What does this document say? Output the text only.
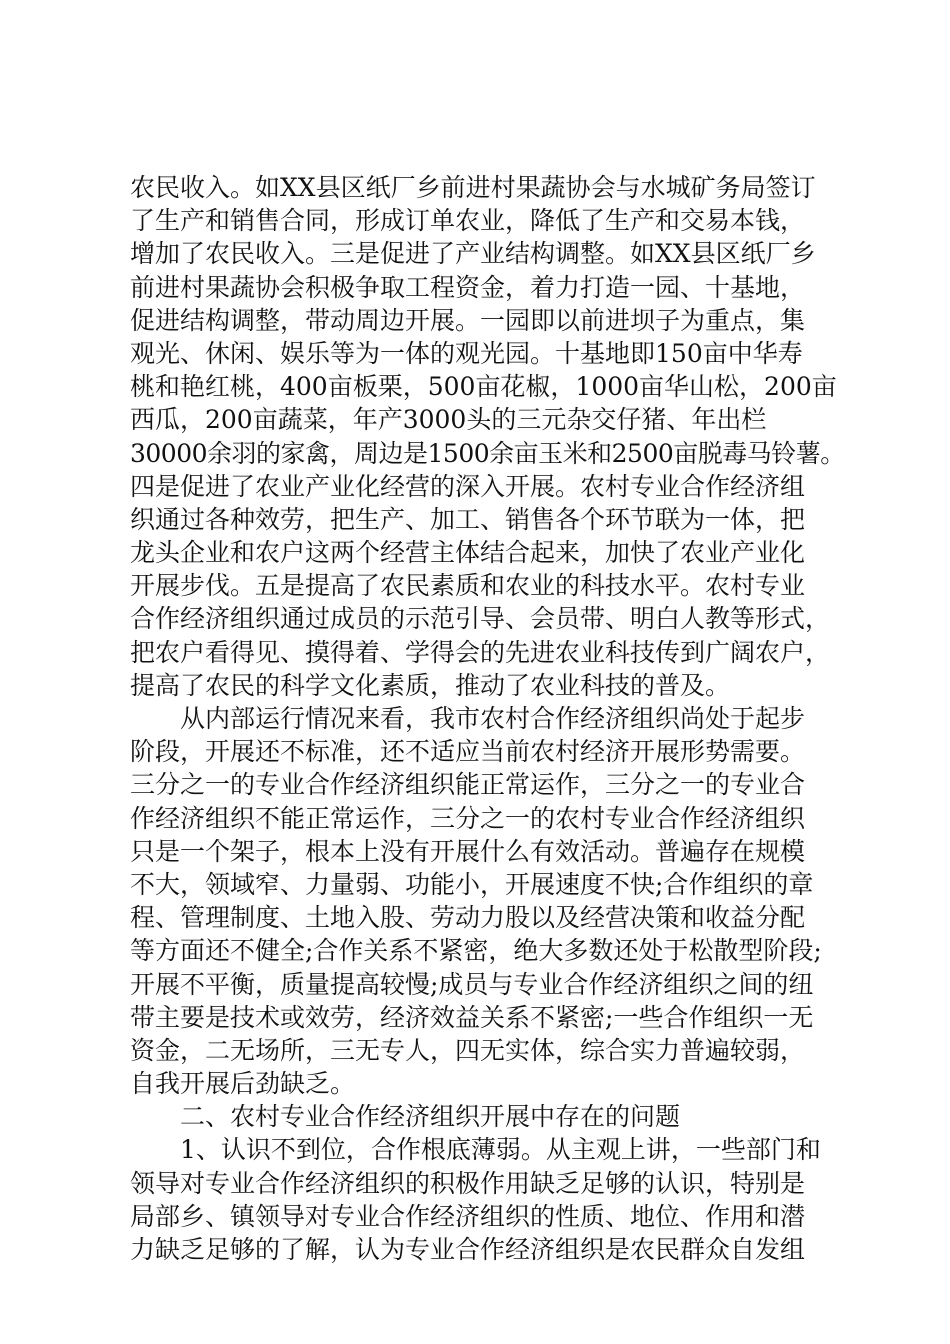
农民收入。如XX县区纸厂乡前进村果蔬协会与水城矿务局签订
了生产和销售合同，形成订单农业，降低了生产和交易本钱，
增加了农民收入。三是促进了产业结构调整。如XX县区纸厂乡
前进村果蔬协会积极争取工程资金，着力打造一园、十基地，
促进结构调整，带动周边开展。一园即以前进坝子为重点，集
观光、休闲、娱乐等为一体的观光园。十基地即150亩中华寿
桃和艳红桃，400亩板栗，500亩花椒，1000亩华山松，200亩
西瓜，200亩蔬菜，年产3000头的三元杂交仔猪、年出栏
30000余羽的家禽，周边是1500余亩玉米和2500亩脱毒马铃薯。
四是促进了农业产业化经营的深入开展。农村专业合作经济组
织通过各种效劳，把生产、加工、销售各个环节联为一体，把
龙头企业和农户这两个经营主体结合起来，加快了农业产业化
开展步伐。五是提高了农民素质和农业的科技水平。农村专业
合作经济组织通过成员的示范引导、会员带、明白人教等形式，
把农户看得见、摸得着、学得会的先进农业科技传到广阔农户，
提高了农民的科学文化素质，推动了农业科技的普及。
从内部运行情况来看，我市农村合作经济组织尚处于起步
阶段，开展还不标准，还不适应当前农村经济开展形势需要。
三分之一的专业合作经济组织能正常运作，三分之一的专业合
作经济组织不能正常运作，三分之一的农村专业合作经济组织
只是一个架子，根本上没有开展什么有效活动。普遍存在规模
不大，领域窄、力量弱、功能小，开展速度不快;合作组织的章
程、管理制度、土地入股、劳动力股以及经营决策和收益分配
等方面还不健全;合作关系不紧密，绝大多数还处于松散型阶段;
开展不平衡，质量提高较慢;成员与专业合作经济组织之间的纽
带主要是技术或效劳，经济效益关系不紧密;一些合作组织一无
资金，二无场所，三无专人，四无实体，综合实力普遍较弱，
自我开展后劲缺乏。
二、农村专业合作经济组织开展中存在的问题
1、认识不到位，合作根底薄弱。从主观上讲，一些部门和
领导对专业合作经济组织的积极作用缺乏足够的认识，特别是
局部乡、镇领导对专业合作经济组织的性质、地位、作用和潜
力缺乏足够的了解，认为专业合作经济组织是农民群众自发组
